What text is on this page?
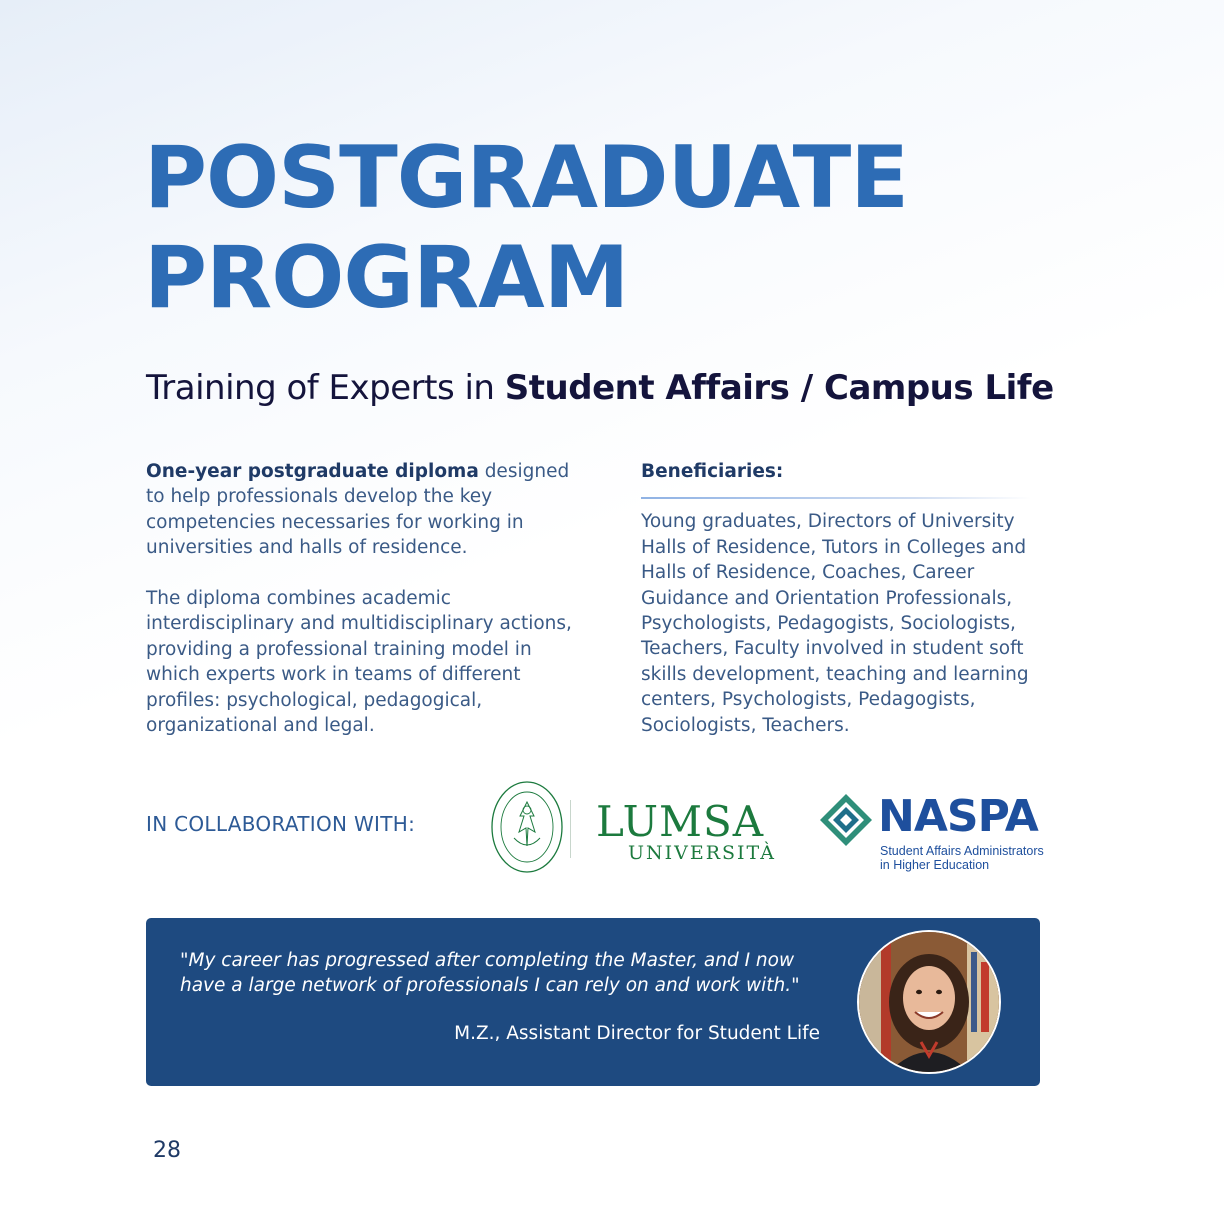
POSTGRADUATE
PROGRAM
Training of Experts in Student Affairs / Campus Life

One-year postgraduate diploma designed to help professionals develop the key competencies necessaries for working in universities and halls of residence.

The diploma combines academic interdisciplinary and multidisciplinary actions, providing a professional training model in which experts work in teams of different profiles: psychological, pedagogical, organizational and legal.

Beneficiaries:

Young graduates, Directors of University Halls of Residence, Tutors in Colleges and Halls of Residence, Coaches, Career Guidance and Orientation Professionals, Psychologists, Pedagogists, Sociologists, Teachers, Faculty involved in student soft skills development, teaching and learning centers, Psychologists, Pedagogists, Sociologists, Teachers.

IN COLLABORATION WITH:	LUMSA
UNIVERSITÀ
NASPA
Student Affairs Administrators
in Higher Education

"My career has progressed after completing the Master, and I now have a large network of professionals I can rely on and work with."

M.Z., Assistant Director for Student Life

28
